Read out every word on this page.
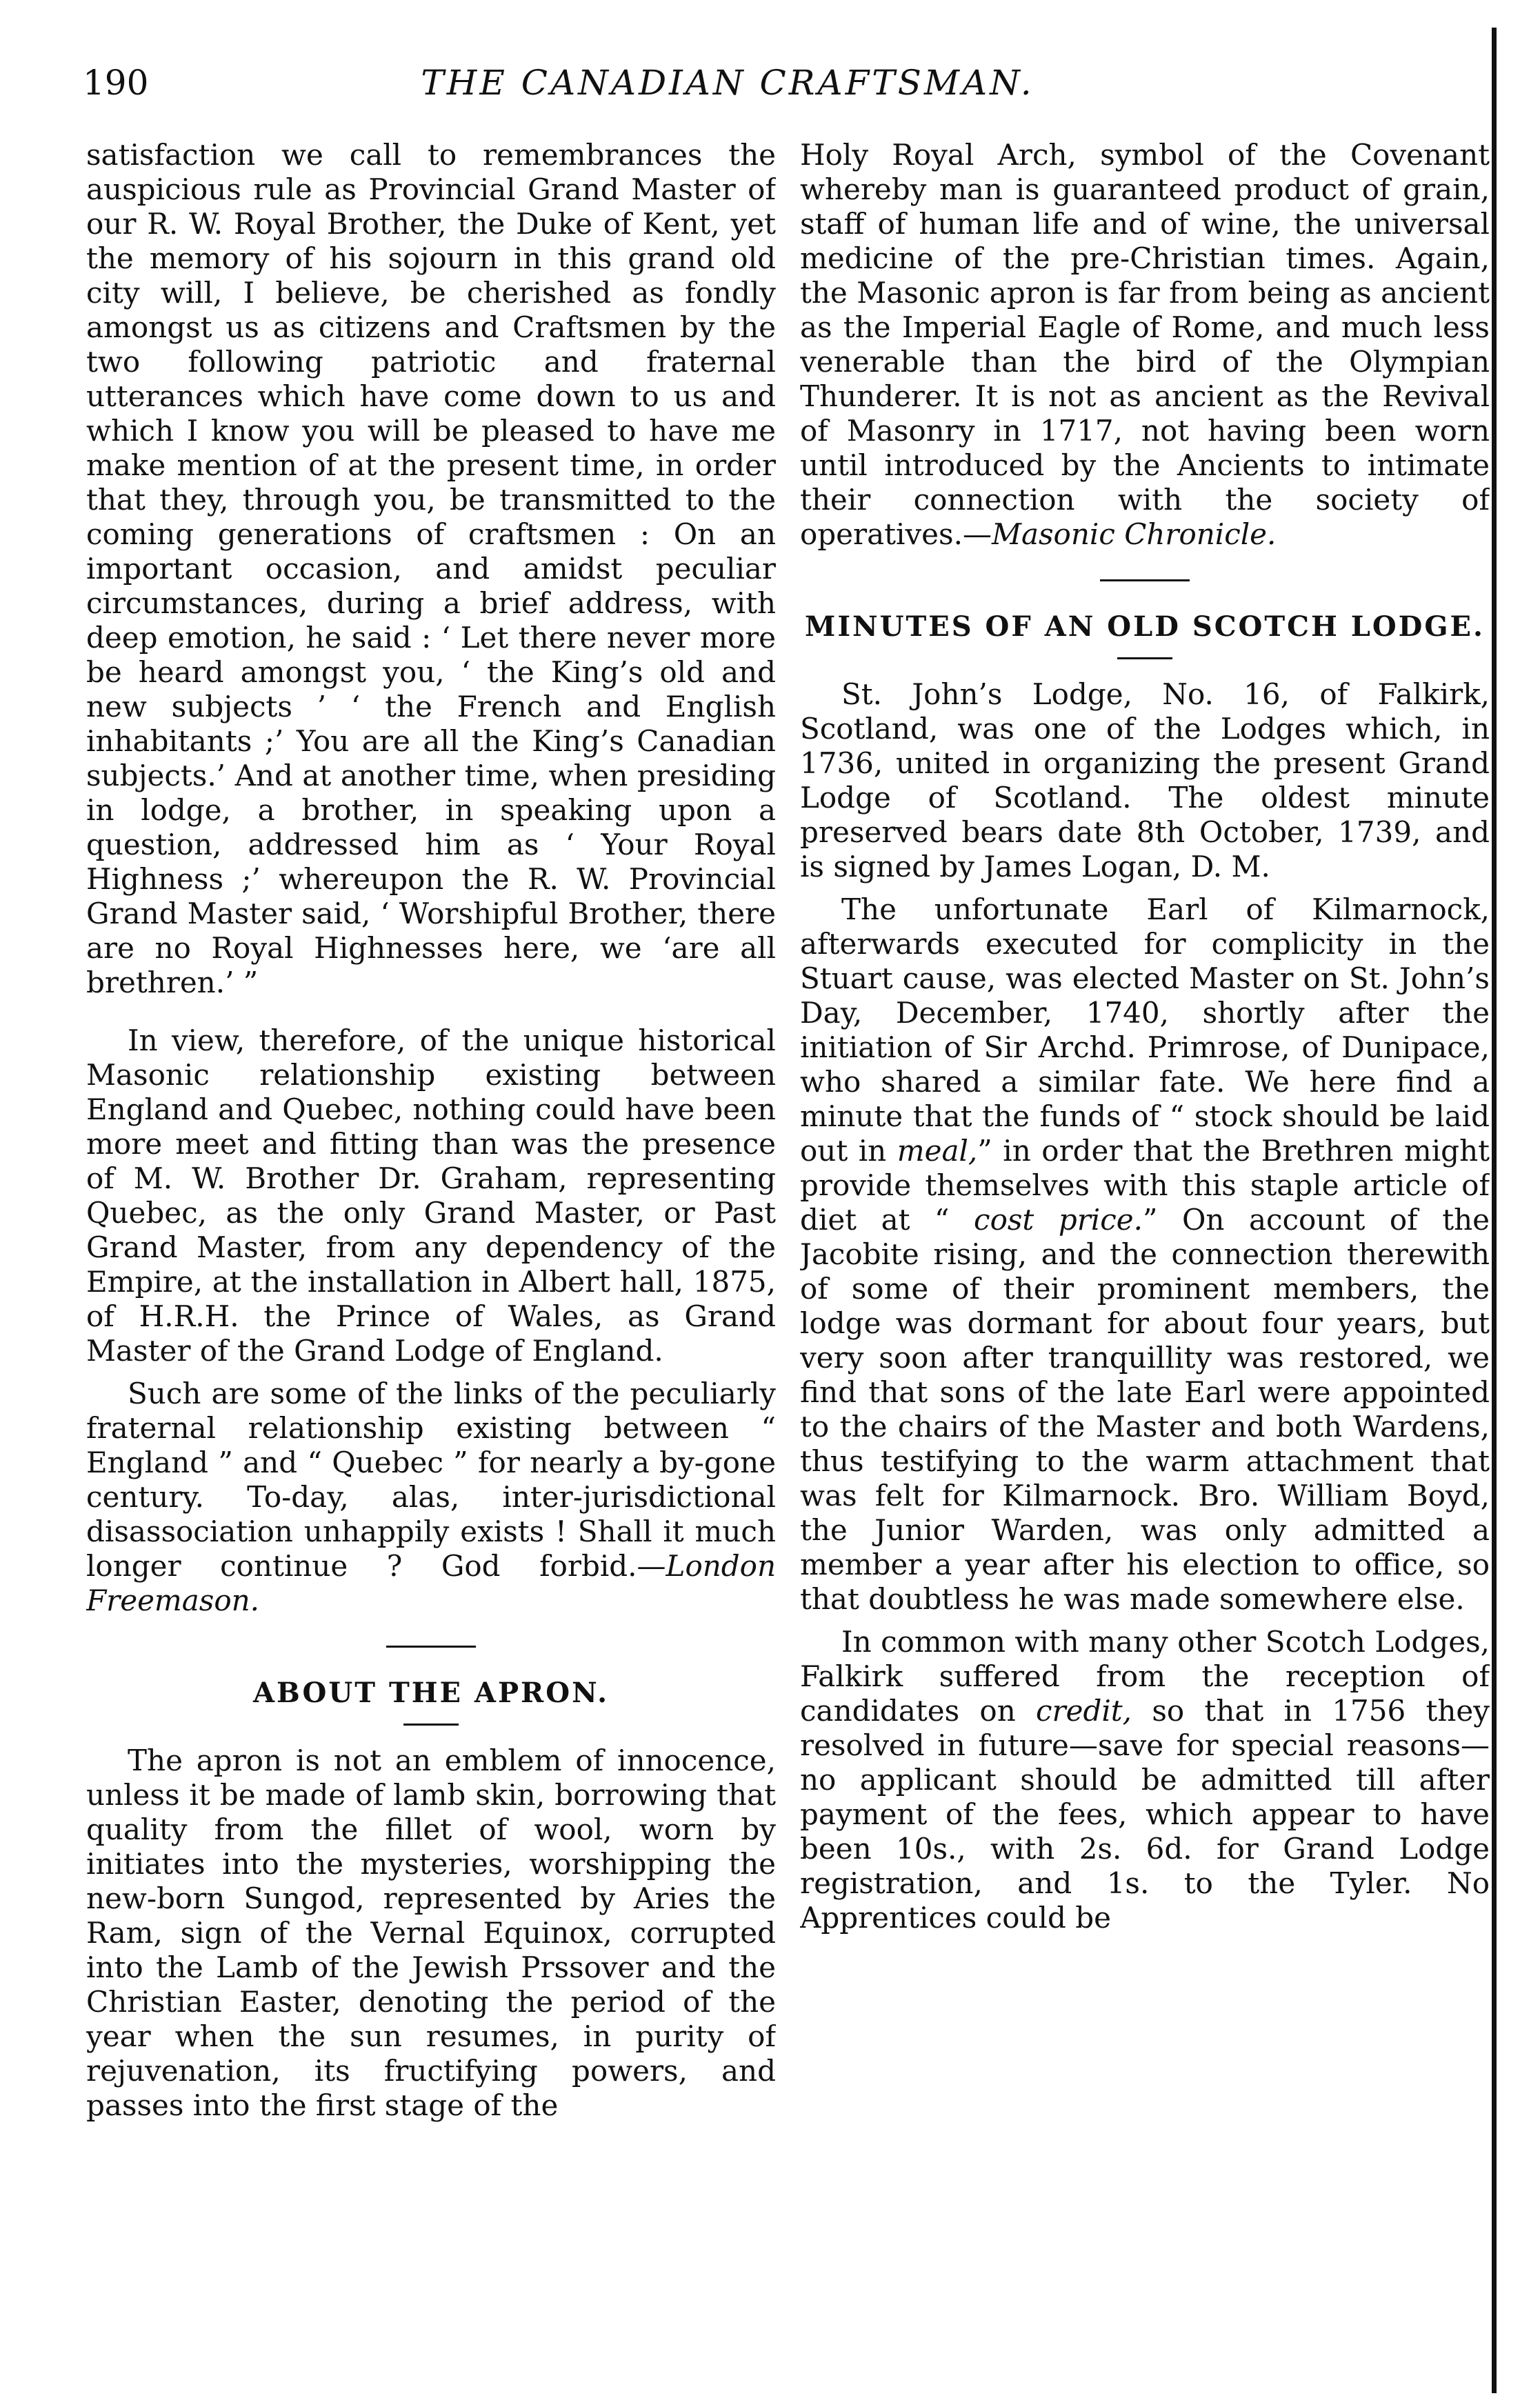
190	THE CANADIAN CRAFTSMAN.

satisfaction we call to remembrances the auspicious rule as Provincial Grand Master of our R. W. Royal Brother, the Duke of Kent, yet the memory of his sojourn in this grand old city will, I believe, be cherished as fondly amongst us as citizens and Craftsmen by the two following patriotic and fraternal utterances which have come down to us and which I know you will be pleased to have me make mention of at the present time, in order that they, through you, be transmitted to the coming generations of craftsmen : On an important occasion, and amidst peculiar circumstances, during a brief address, with deep emotion, he said : ‘ Let there never more be heard amongst you, ‘ the King’s old and new subjects ’ ‘ the French and English inhabitants ;’ You are all the King’s Canadian subjects.’ And at another time, when presiding in lodge, a brother, in speaking upon a question, addressed him as ‘ Your Royal Highness ;’ whereupon the R. W. Provincial Grand Master said, ‘ Worshipful Brother, there are no Royal Highnesses here, we ‘are all brethren.’ ”

In view, therefore, of the unique historical Masonic relationship existing between England and Quebec, nothing could have been more meet and fitting than was the presence of M. W. Brother Dr. Graham, representing Quebec, as the only Grand Master, or Past Grand Master, from any dependency of the Empire, at the installation in Albert hall, 1875, of H.R.H. the Prince of Wales, as Grand Master of the Grand Lodge of England.

Such are some of the links of the peculiarly fraternal relationship existing between “ England ” and “ Quebec ” for nearly a by-gone century. To-day, alas, inter-jurisdictional disassociation unhappily exists ! Shall it much longer continue ? God forbid.—London Freemason.

ABOUT THE APRON.

The apron is not an emblem of innocence, unless it be made of lamb skin, borrowing that quality from the fillet of wool, worn by initiates into the mysteries, worshipping the new-born Sungod, represented by Aries the Ram, sign of the Vernal Equinox, corrupted into the Lamb of the Jewish Prssover and the Christian Easter, denoting the period of the year when the sun resumes, in purity of rejuvenation, its fructifying powers, and passes into the first stage of the

Holy Royal Arch, symbol of the Covenant whereby man is guaranteed product of grain, staff of human life and of wine, the universal medicine of the pre-Christian times. Again, the Masonic apron is far from being as ancient as the Imperial Eagle of Rome, and much less venerable than the bird of the Olympian Thunderer. It is not as ancient as the Revival of Masonry in 1717, not having been worn until introduced by the Ancients to intimate their connection with the society of operatives.—Masonic Chronicle.

MINUTES OF AN OLD SCOTCH LODGE.

St. John’s Lodge, No. 16, of Falkirk, Scotland, was one of the Lodges which, in 1736, united in organizing the present Grand Lodge of Scotland. The oldest minute preserved bears date 8th October, 1739, and is signed by James Logan, D. M.

The unfortunate Earl of Kilmarnock, afterwards executed for complicity in the Stuart cause, was elected Master on St. John’s Day, December, 1740, shortly after the initiation of Sir Archd. Primrose, of Dunipace, who shared a similar fate. We here find a minute that the funds of “ stock should be laid out in meal,” in order that the Brethren might provide themselves with this staple article of diet at “ cost price.” On account of the Jacobite rising, and the connection therewith of some of their prominent members, the lodge was dormant for about four years, but very soon after tranquillity was restored, we find that sons of the late Earl were appointed to the chairs of the Master and both Wardens, thus testifying to the warm attachment that was felt for Kilmarnock. Bro. William Boyd, the Junior Warden, was only admitted a member a year after his election to office, so that doubtless he was made somewhere else.

In common with many other Scotch Lodges, Falkirk suffered from the reception of candidates on credit, so that in 1756 they resolved in future—save for special reasons—no applicant should be admitted till after payment of the fees, which appear to have been 10s., with 2s. 6d. for Grand Lodge registration, and 1s. to the Tyler. No Apprentices could be
